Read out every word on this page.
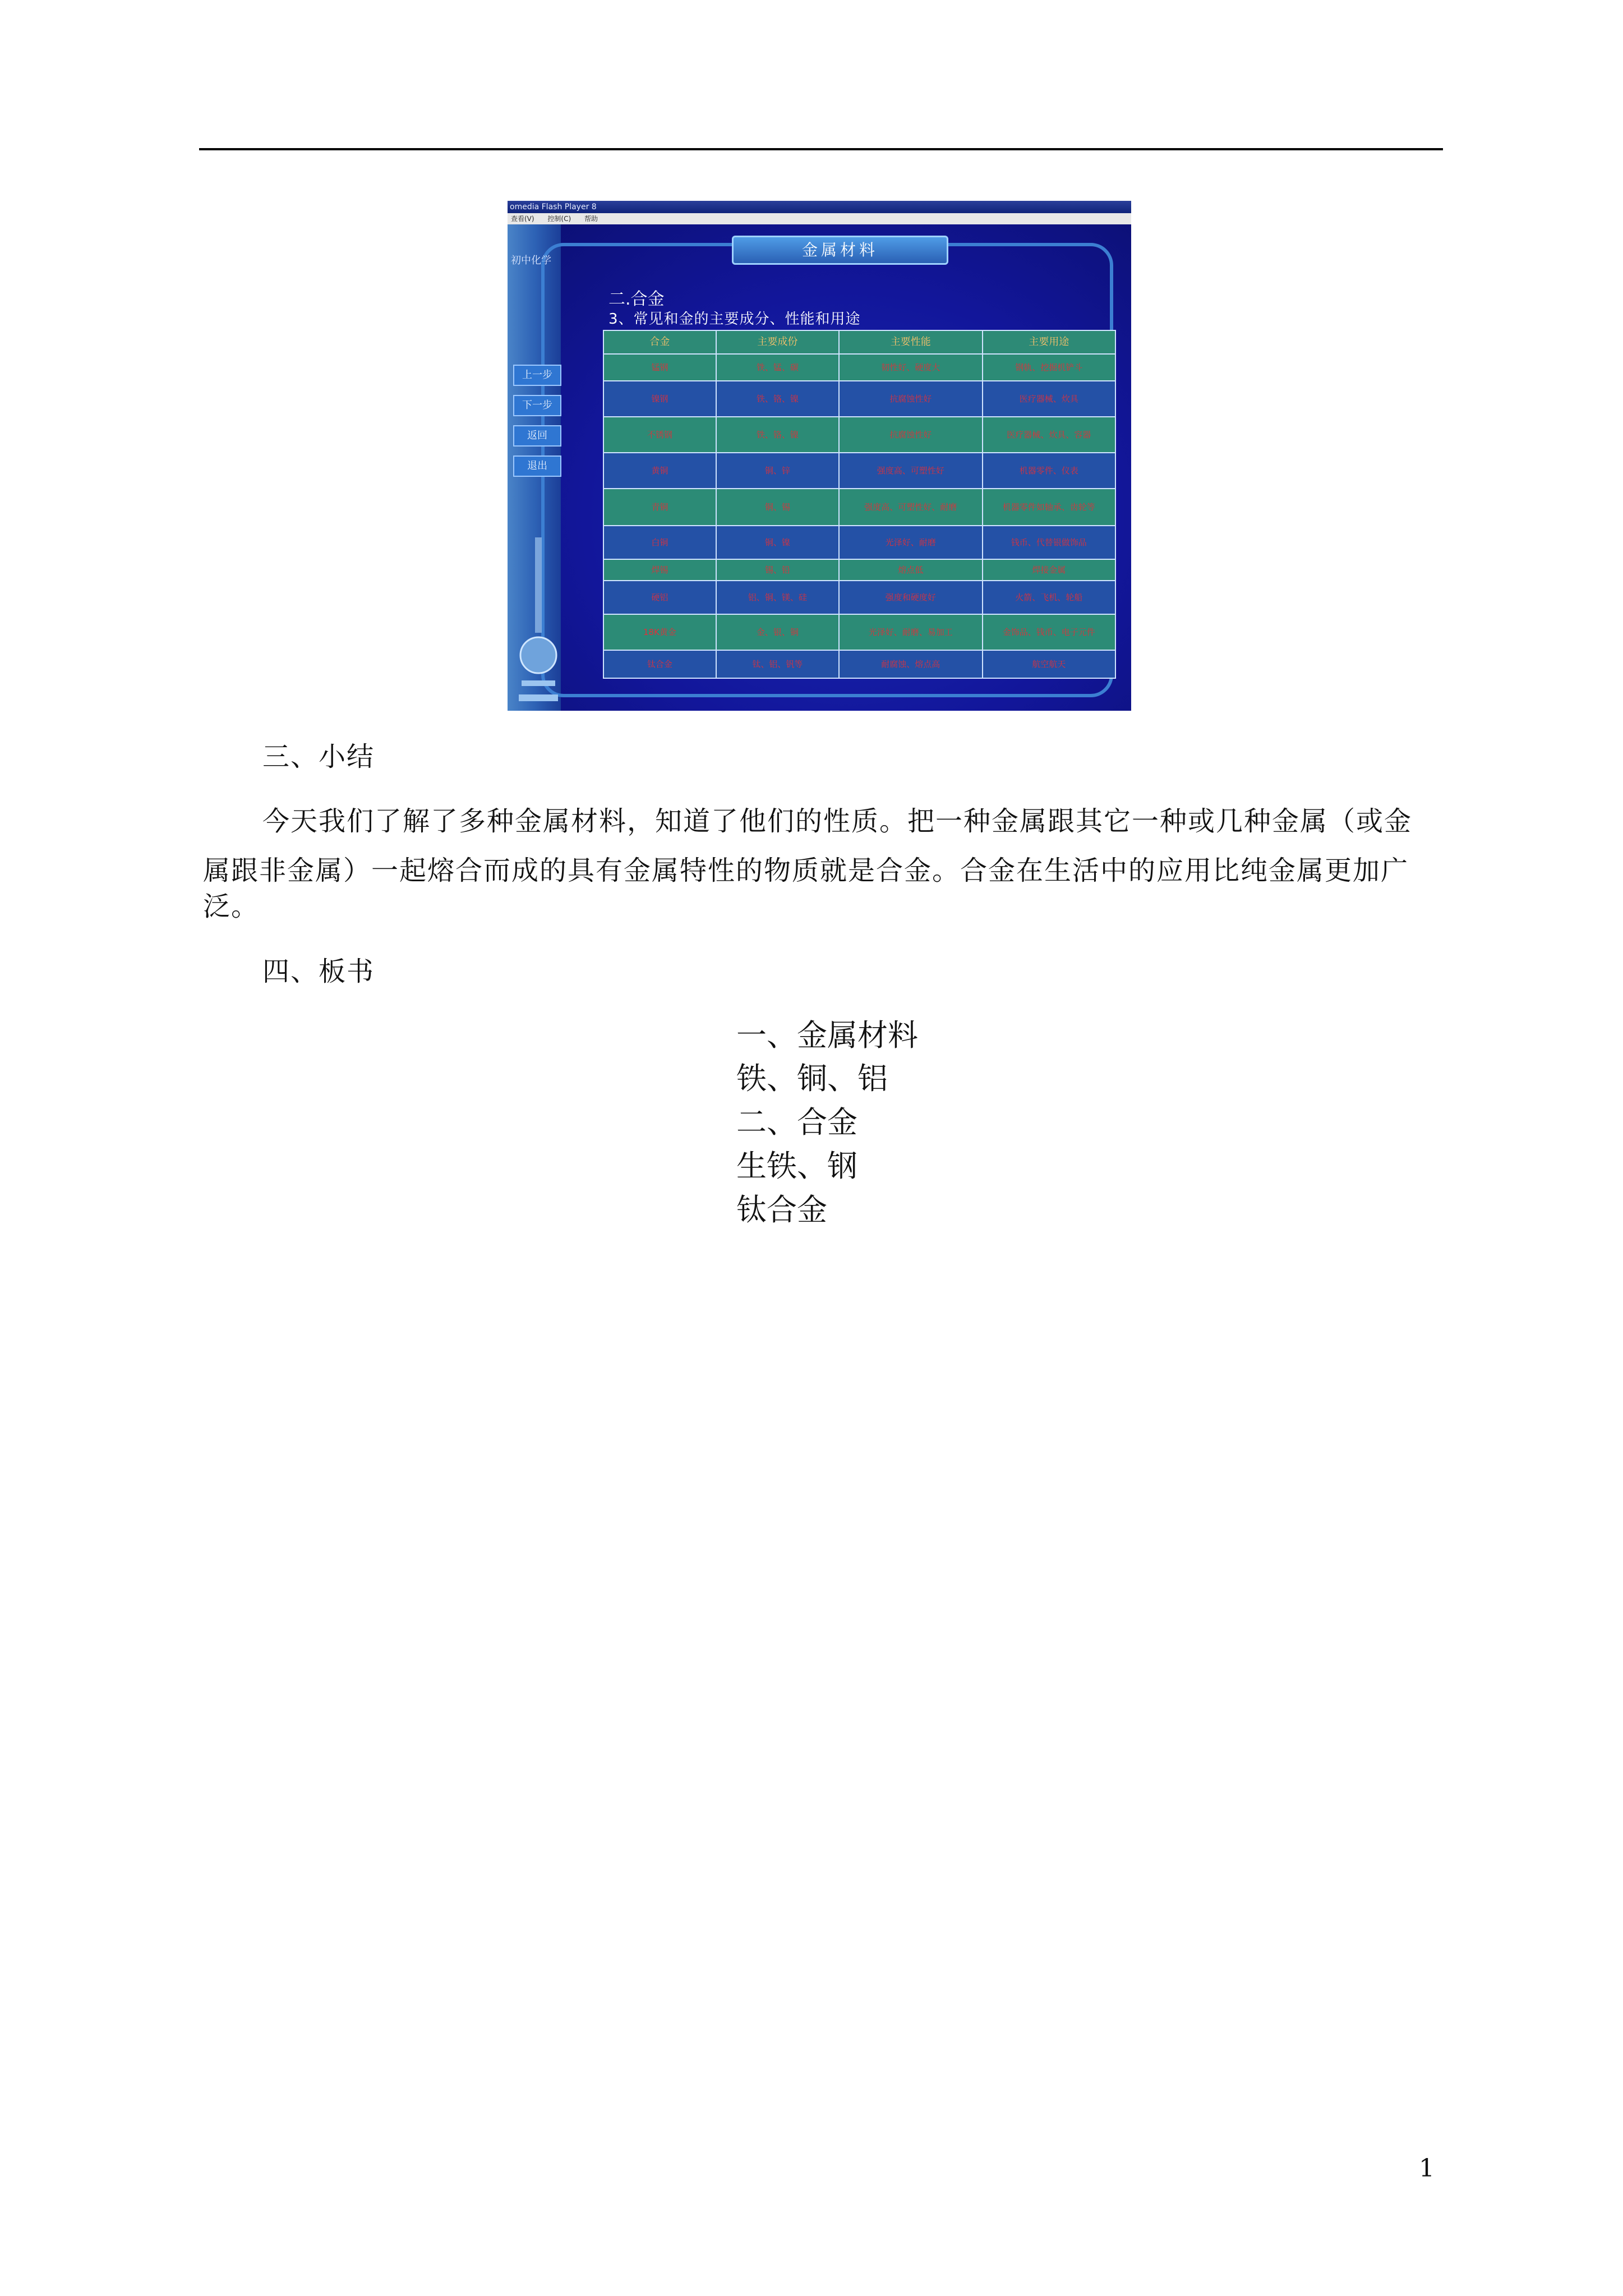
omedia Flash Player 8
查看(V) 控制(C) 帮助
初中化学
金属材料
二.合金
3、常见和金的主要成分、性能和用途
上一步
下一步
返回
退出
合金	主要成份	主要性能	主要用途
锰钢	铁、锰、碳	韧性好、硬度大	钢轨、挖掘机铲斗
镍钢	铁、铬、镍	抗腐蚀性好	医疗器械、炊具
不锈钢	铁、铬、镍	抗腐蚀性好	医疗器械、炊具、容器
黄铜	铜、锌	强度高、可塑性好	机器零件、仪表
青铜	铜、锡	强度高、可塑性好、耐磨	机器零件如轴承、齿轮等
白铜	铜、镍	光泽好、耐磨	钱币、代替银做饰品
焊锡	锡、铅	熔点低	焊接金属
硬铝	铝、铜、镁、硅	强度和硬度好	火箭、飞机、轮船
18K黄金	金、银、铜	光泽好、耐磨、易加工	金饰品、钱币、电子元件
钛合金	钛、铝、钒等	耐腐蚀、熔点高	航空航天
三、小结
今天我们了解了多种金属材料，知道了他们的性质。把一种金属跟其它一种或几种金属（或金
属跟非金属）一起熔合而成的具有金属特性的物质就是合金。合金在生活中的应用比纯金属更加广
泛。
四、板书
一、金属材料
铁、铜、铝
二、合金
生铁、钢
钛合金
1
